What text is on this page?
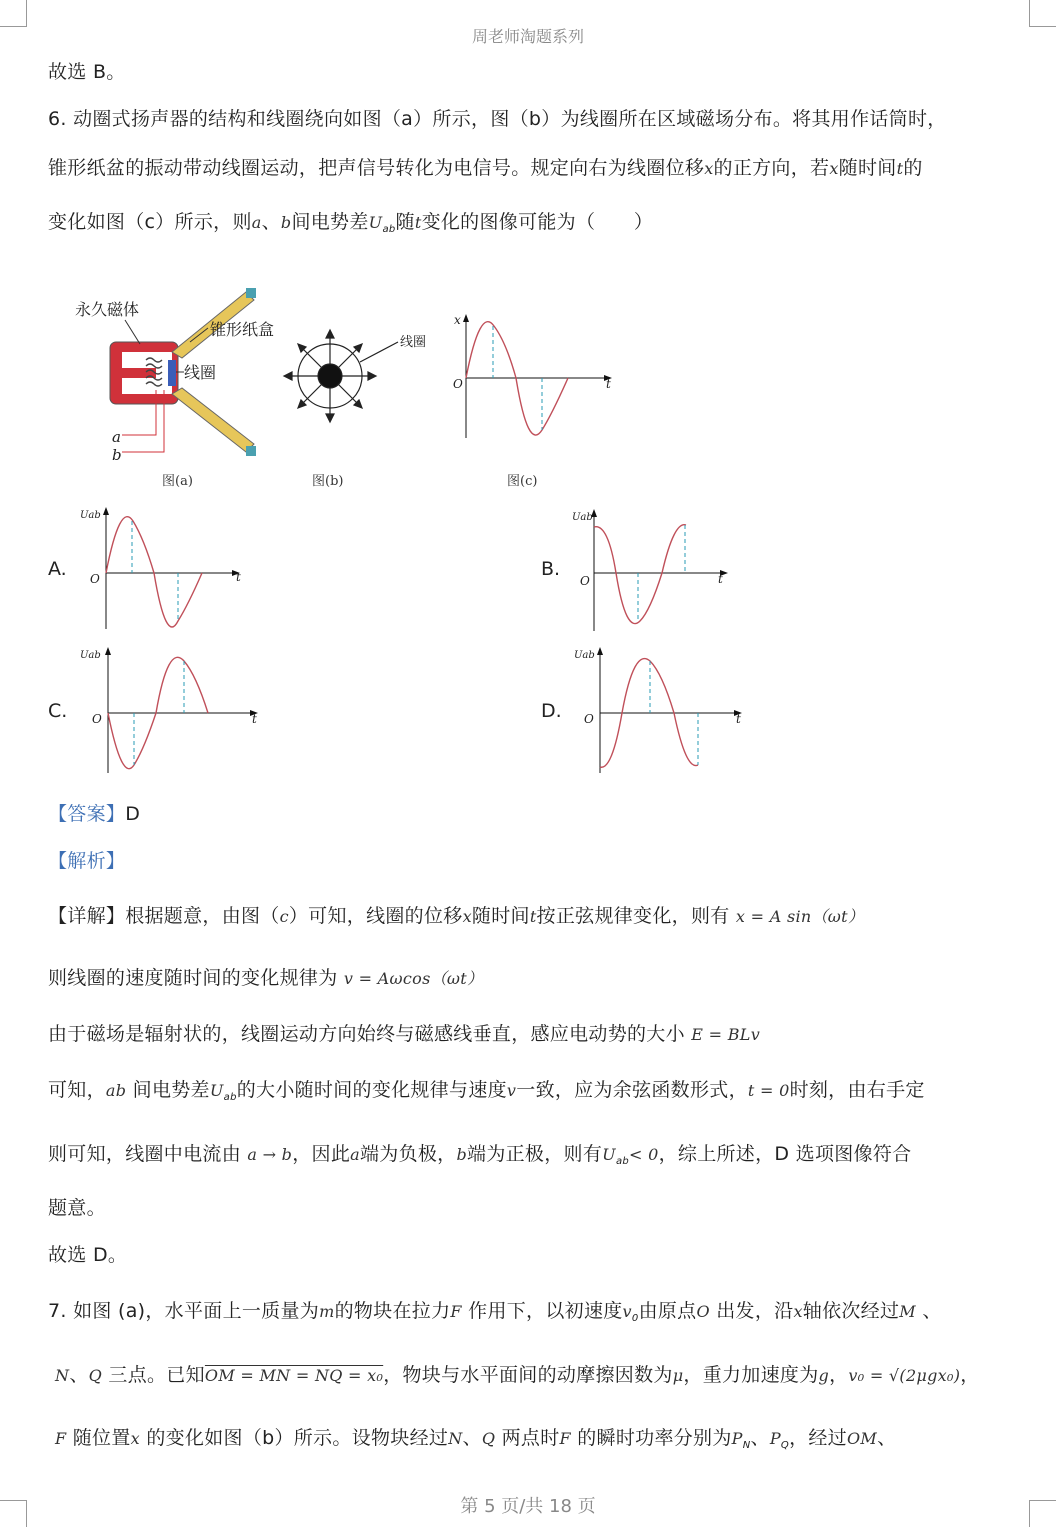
周老师淘题系列
故选 B。
6. 动圈式扬声器的结构和线圈绕向如图（a）所示，图（b）为线圈所在区域磁场分布。将其用作话筒时，
锥形纸盆的振动带动线圈运动，把声信号转化为电信号。规定向右为线圈位移x的正方向，若x随时间t的
变化如图（c）所示，则a、b间电势差$U_{ab}$随t变化的图像可能为（　　）
永久磁体
锥形纸盒
线圈
a
b
图(a)
线圈
图(b)
x
t
O
图(c)
A.
Uab
t
O	B.
Uab
t
O
C.
Uab
t
O	D.
Uab
t
O
【答案】D
【解析】
【详解】根据题意，由图（c）可知，线圈的位移x随时间t按正弦规律变化，则有 x = A sin（ωt）
则线圈的速度随时间的变化规律为 v = Aωcos（ωt）
由于磁场是辐射状的，线圈运动方向始终与磁感线垂直，感应电动势的大小 E = BLv
可知，ab 间电势差$U_{ab}$的大小随时间的变化规律与速度v一致，应为余弦函数形式，t = 0时刻，由右手定
则可知，线圈中电流由 a → b，因此a端为负极，b端为正极，则有$U_{ab}< 0$，综上所述，D 选项图像符合
题意。
故选 D。
7. 如图 (a)，水平面上一质量为m的物块在拉力F 作用下，以初速度$v_0$由原点O 出发，沿x轴依次经过M 、
N、Q 三点。已知OM = MN = NQ = x₀，物块与水平面间的动摩擦因数为μ，重力加速度为g，v₀ = √(2μgx₀)，
F 随位置x 的变化如图（b）所示。设物块经过N、Q 两点时F 的瞬时功率分别为$P_N$、$P_Q$，经过OM、
第 5 页/共 18 页
